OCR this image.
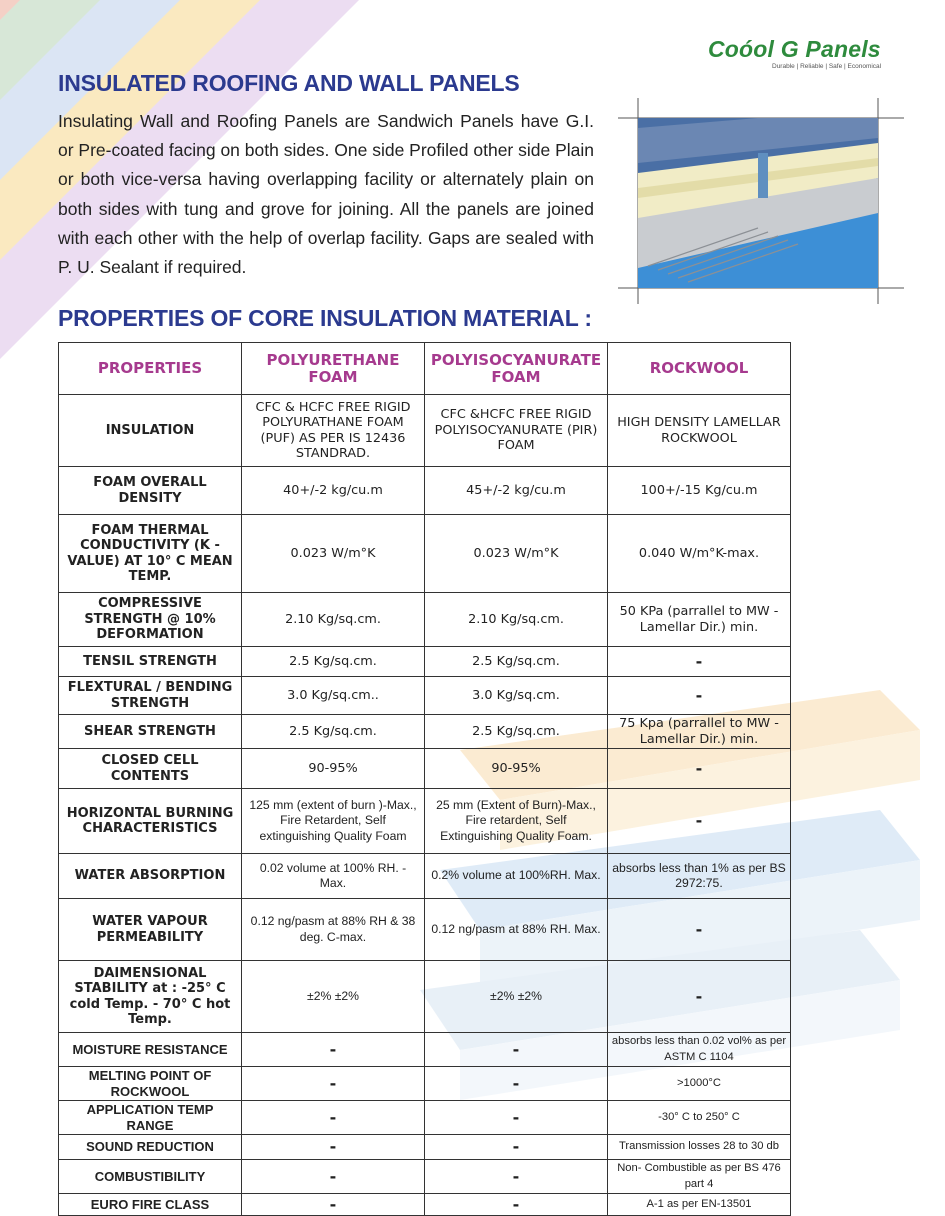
Coóol G Panels
Durable | Reliable | Safe | Economical
INSULATED ROOFING AND WALL PANELS

Insulating Wall and Roofing Panels are Sandwich Panels have G.I. or Pre-coated facing on both sides. One side Profiled other side Plain or both vice-versa having overlapping facility or alternately plain on both sides with tung and grove for joining. All the panels are joined with each other with the help of overlap facility. Gaps are sealed with P. U. Sealant if required.

PROPERTIES OF CORE INSULATION MATERIAL :
PROPERTIES	POLYURETHANE FOAM	POLYISOCYANURATE FOAM	ROCKWOOL
INSULATION	CFC & HCFC FREE RIGID POLYURATHANE FOAM (PUF) AS PER IS 12436 STANDRAD.	CFC &HCFC FREE RIGID POLYISOCYANURATE (PIR) FOAM	HIGH DENSITY LAMELLAR ROCKWOOL
FOAM OVERALL DENSITY	40+/-2 kg/cu.m	45+/-2 kg/cu.m	100+/-15 Kg/cu.m
FOAM THERMAL CONDUCTIVITY (K - VALUE) AT 10° C MEAN TEMP.	0.023 W/m°K	0.023 W/m°K	0.040 W/m°K-max.
COMPRESSIVE STRENGTH @ 10% DEFORMATION	2.10 Kg/sq.cm.	2.10 Kg/sq.cm.	50 KPa (parrallel to MW - Lamellar Dir.) min.
TENSIL STRENGTH	2.5 Kg/sq.cm.	2.5 Kg/sq.cm.	-
FLEXTURAL / BENDING STRENGTH	3.0 Kg/sq.cm..	3.0 Kg/sq.cm.	-
SHEAR STRENGTH	2.5 Kg/sq.cm.	2.5 Kg/sq.cm.	75 Kpa (parrallel to MW - Lamellar Dir.) min.
CLOSED CELL CONTENTS	90-95%	90-95%	-
HORIZONTAL BURNING CHARACTERISTICS	125 mm (extent of burn )-Max., Fire Retardent, Self extinguishing Quality Foam	25 mm (Extent of Burn)-Max., Fire retardent, Self Extinguishing Quality Foam.	-
WATER ABSORPTION	0.02 volume at 100% RH. - Max.	0.2% volume at 100%RH. Max.	absorbs less than 1% as per BS 2972:75.
WATER VAPOUR PERMEABILITY	0.12 ng/pasm at 88% RH & 38 deg. C-max.	0.12 ng/pasm at 88% RH. Max.	-
DAIMENSIONAL STABILITY at : -25° C cold Temp. - 70° C hot Temp.	±2% ±2%	±2% ±2%	-
MOISTURE RESISTANCE	-	-	absorbs less than 0.02 vol% as per ASTM C 1104
MELTING POINT OF ROCKWOOL	-	-	>1000°C
APPLICATION TEMP RANGE	-	-	-30° C to 250° C
SOUND REDUCTION	-	-	Transmission losses 28 to 30 db
COMBUSTIBILITY	-	-	Non- Combustible as per BS 476 part 4
EURO FIRE CLASS	-	-	A-1 as per EN-13501
